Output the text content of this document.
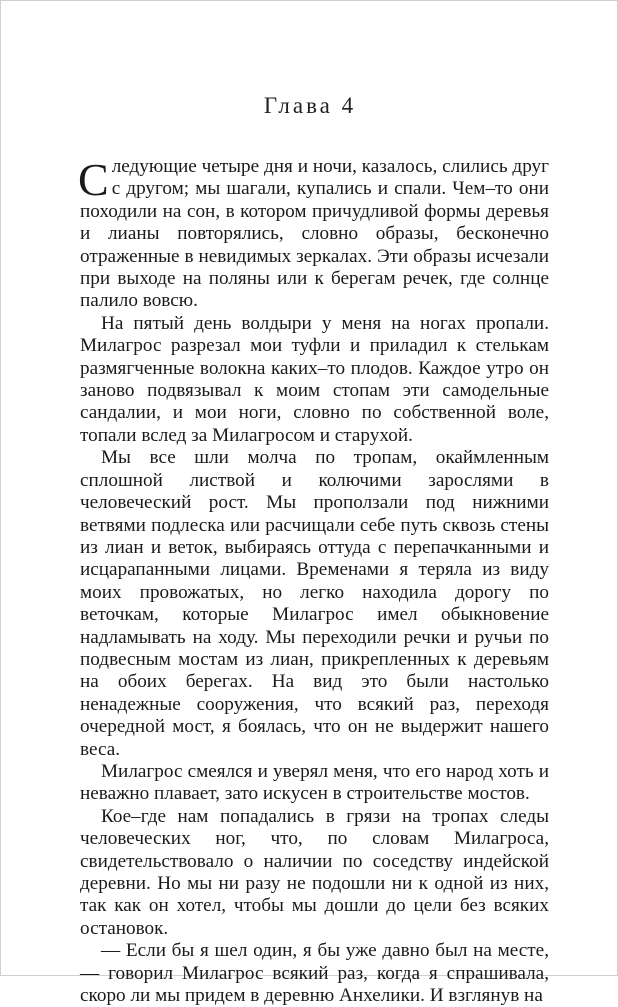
Глава 4

Следующие четыре дня и ночи, казалось, слились друг с другом; мы шагали, купались и спали. Чем–то они походили на сон, в котором причудливой формы деревья и лианы повторялись, словно образы, бесконечно отраженные в невидимых зеркалах. Эти образы исчезали при выходе на поляны или к берегам речек, где солнце палило вовсю.

На пятый день волдыри у меня на ногах пропали. Милагрос разрезал мои туфли и приладил к стелькам размягченные волокна каких–то плодов. Каждое утро он заново подвязывал к моим стопам эти самодельные сандалии, и мои ноги, словно по собственной воле, топали вслед за Милагросом и старухой.

Мы все шли молча по тропам, окаймленным сплошной листвой и колючими зарослями в человеческий рост. Мы проползали под нижними ветвями подлеска или расчищали себе путь сквозь стены из лиан и веток, выбираясь оттуда с перепачканными и исцарапанными лицами. Временами я теряла из виду моих провожатых, но легко находила дорогу по веточкам, которые Милагрос имел обыкновение надламывать на ходу. Мы переходили речки и ручьи по подвесным мостам из лиан, прикрепленных к деревьям на обоих берегах. На вид это были настолько ненадежные сооружения, что всякий раз, переходя очередной мост, я боялась, что он не выдержит нашего веса.

Милагрос смеялся и уверял меня, что его народ хоть и неважно плавает, зато искусен в строительстве мостов.

Кое–где нам попадались в грязи на тропах следы человеческих ног, что, по словам Милагроса, свидетельствовало о наличии по соседству индейской деревни. Но мы ни разу не подошли ни к одной из них, так как он хотел, чтобы мы дошли до цели без всяких остановок.

— Если бы я шел один, я бы уже давно был на месте, — говорил Милагрос всякий раз, когда я спрашивала, скоро ли мы придем в деревню Анхелики. И взглянув на
